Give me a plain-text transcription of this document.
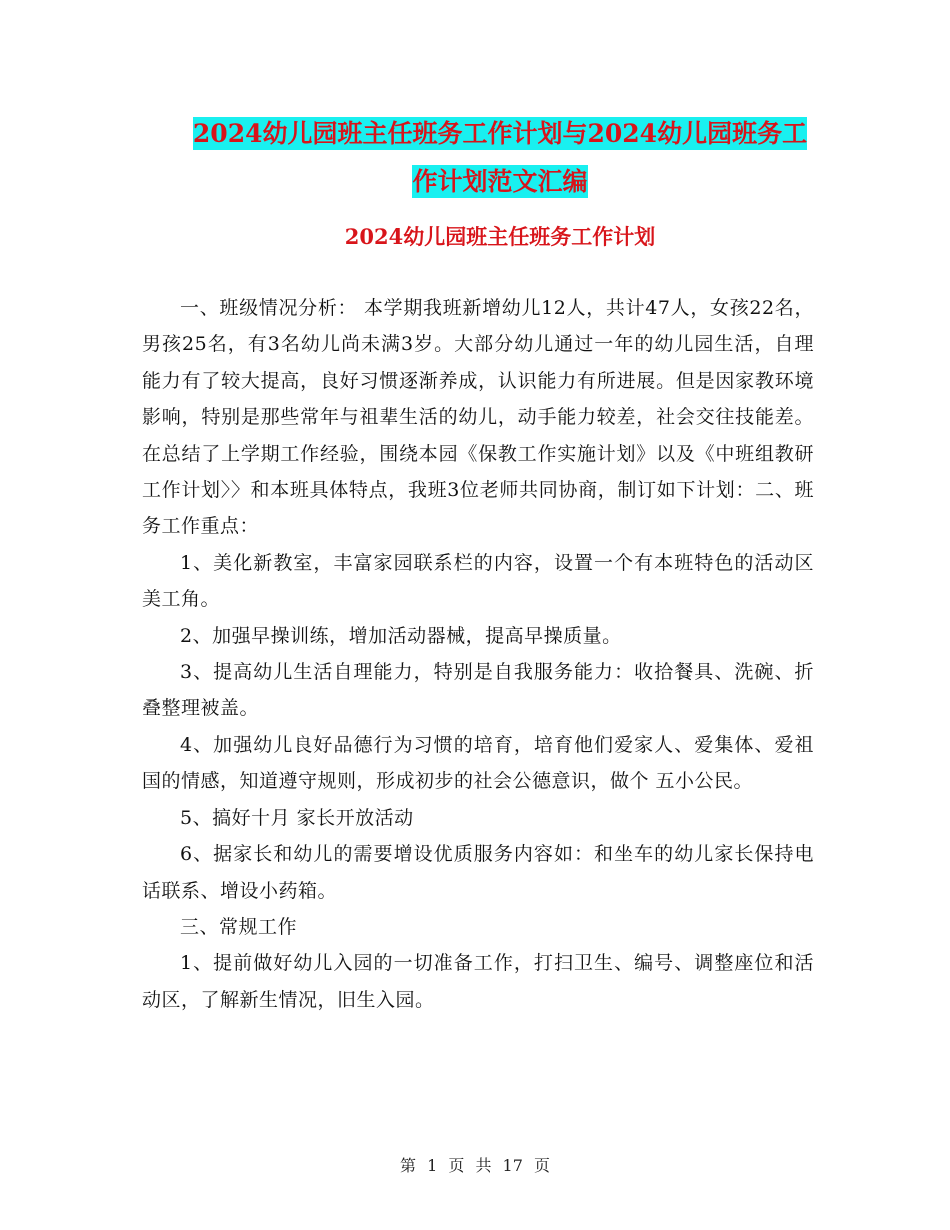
2024幼儿园班主任班务工作计划与2024幼儿园班务工
作计划范文汇编
2024幼儿园班主任班务工作计划

一、班级情况分析： 本学期我班新增幼儿12人，共计47人，女孩22名，男孩25名，有3名幼儿尚未满3岁。大部分幼儿通过一年的幼儿园生活，自理能力有了较大提高，良好习惯逐渐养成，认识能力有所进展。但是因家教环境影响，特别是那些常年与祖辈生活的幼儿，动手能力较差，社会交往技能差。在总结了上学期工作经验，围绕本园《保教工作实施计划》以及《中班组教研工作计划〉〉和本班具体特点，我班3位老师共同协商，制订如下计划：二、班务工作重点：

1、美化新教室，丰富家园联系栏的内容，设置一个有本班特色的活动区 美工角。

2、加强早操训练，增加活动器械，提高早操质量。

3、提高幼儿生活自理能力，特别是自我服务能力：收拾餐具、洗碗、折叠整理被盖。

4、加强幼儿良好品德行为习惯的培育，培育他们爱家人、爱集体、爱祖国的情感，知道遵守规则，形成初步的社会公德意识，做个 五小公民。

5、搞好十月 家长开放活动

6、据家长和幼儿的需要增设优质服务内容如：和坐车的幼儿家长保持电话联系、增设小药箱。

三、常规工作

1、提前做好幼儿入园的一切准备工作，打扫卫生、编号、调整座位和活动区，了解新生情况，旧生入园。

第 1 页 共 17 页
